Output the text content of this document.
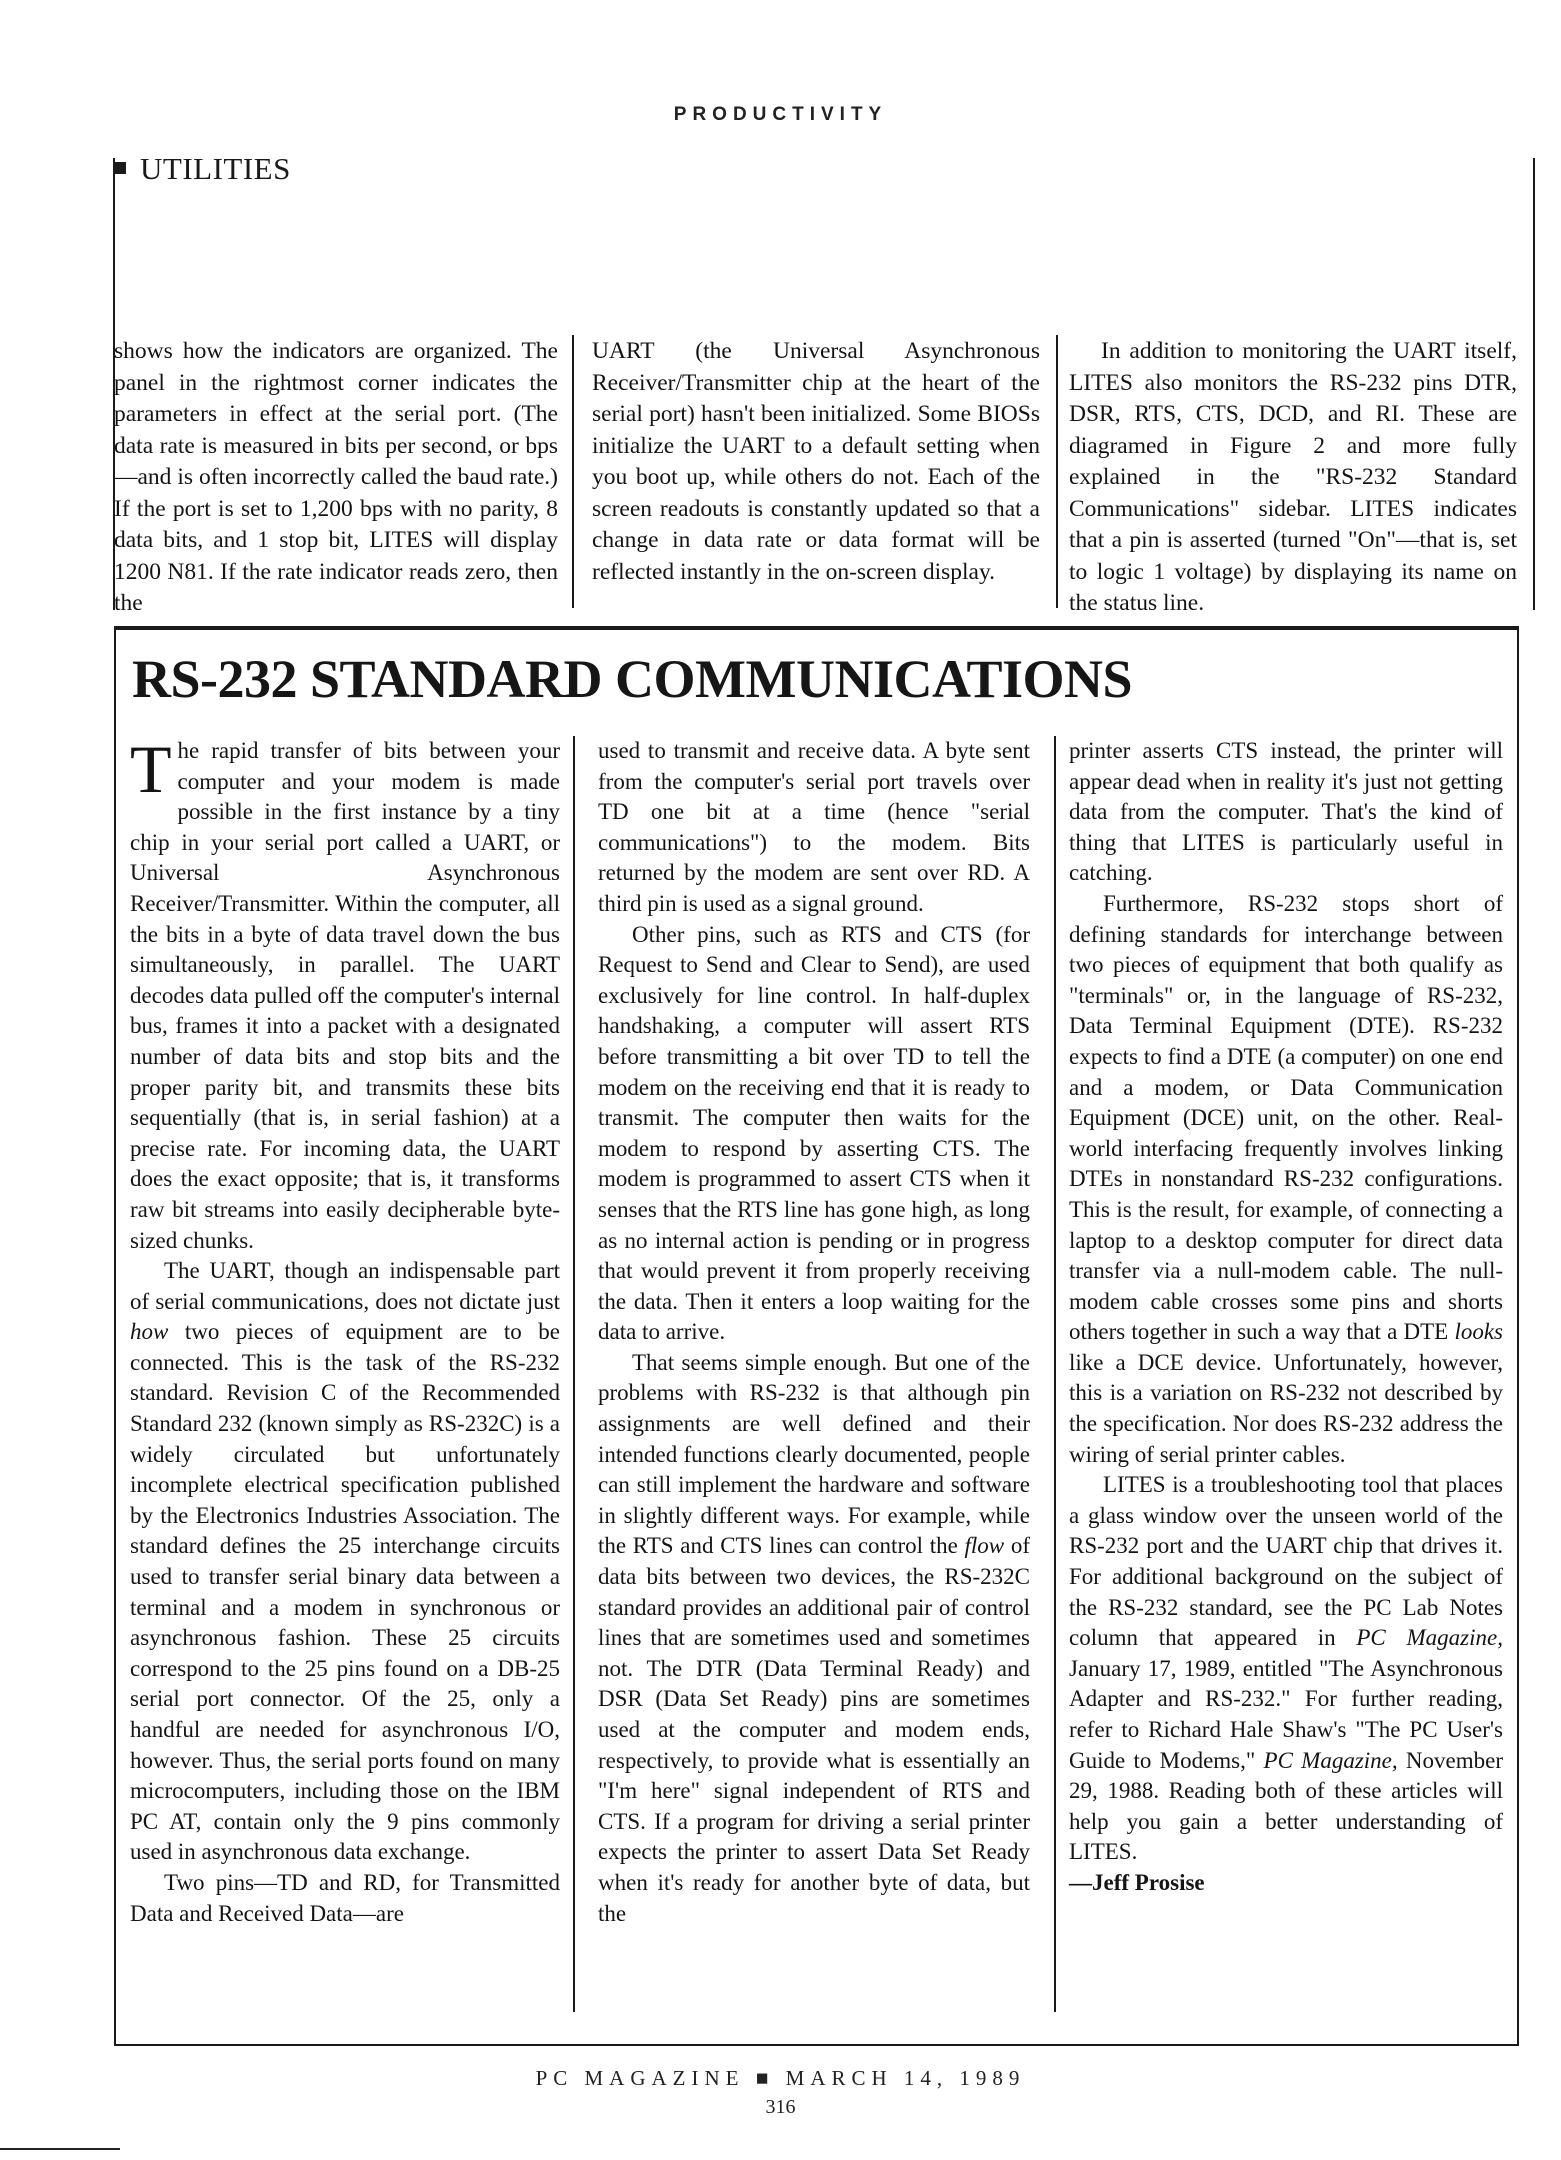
PRODUCTIVITY
UTILITIES

shows how the indicators are organized. The panel in the rightmost corner indicates the parameters in effect at the serial port. (The data rate is measured in bits per second, or bps—and is often incorrectly called the baud rate.) If the port is set to 1,200 bps with no parity, 8 data bits, and 1 stop bit, LITES will display 1200 N81. If the rate indicator reads zero, then the

UART (the Universal Asynchronous Receiver/Transmitter chip at the heart of the serial port) hasn't been initialized. Some BIOSs initialize the UART to a default setting when you boot up, while others do not. Each of the screen readouts is constantly updated so that a change in data rate or data format will be reflected instantly in the on-screen display.

In addition to monitoring the UART itself, LITES also monitors the RS-232 pins DTR, DSR, RTS, CTS, DCD, and RI. These are diagramed in Figure 2 and more fully explained in the "RS-232 Standard Communications" sidebar. LITES indicates that a pin is asserted (turned "On"—that is, set to logic 1 voltage) by displaying its name on the status line.

RS-232 STANDARD COMMUNICATIONS

The rapid transfer of bits between your computer and your modem is made possible in the first instance by a tiny chip in your serial port called a UART, or Universal Asynchronous Receiver/Transmitter. Within the computer, all the bits in a byte of data travel down the bus simultaneously, in parallel. The UART decodes data pulled off the computer's internal bus, frames it into a packet with a designated number of data bits and stop bits and the proper parity bit, and transmits these bits sequentially (that is, in serial fashion) at a precise rate. For incoming data, the UART does the exact opposite; that is, it transforms raw bit streams into easily decipherable byte-sized chunks.

The UART, though an indispensable part of serial communications, does not dictate just how two pieces of equipment are to be connected. This is the task of the RS-232 standard. Revision C of the Recommended Standard 232 (known simply as RS-232C) is a widely circulated but unfortunately incomplete electrical specification published by the Electronics Industries Association. The standard defines the 25 interchange circuits used to transfer serial binary data between a terminal and a modem in synchronous or asynchronous fashion. These 25 circuits correspond to the 25 pins found on a DB-25 serial port connector. Of the 25, only a handful are needed for asynchronous I/O, however. Thus, the serial ports found on many microcomputers, including those on the IBM PC AT, contain only the 9 pins commonly used in asynchronous data exchange.

Two pins—TD and RD, for Transmitted Data and Received Data—are

used to transmit and receive data. A byte sent from the computer's serial port travels over TD one bit at a time (hence "serial communications") to the modem. Bits returned by the modem are sent over RD. A third pin is used as a signal ground.

Other pins, such as RTS and CTS (for Request to Send and Clear to Send), are used exclusively for line control. In half-duplex handshaking, a computer will assert RTS before transmitting a bit over TD to tell the modem on the receiving end that it is ready to transmit. The computer then waits for the modem to respond by asserting CTS. The modem is programmed to assert CTS when it senses that the RTS line has gone high, as long as no internal action is pending or in progress that would prevent it from properly receiving the data. Then it enters a loop waiting for the data to arrive.

That seems simple enough. But one of the problems with RS-232 is that although pin assignments are well defined and their intended functions clearly documented, people can still implement the hardware and software in slightly different ways. For example, while the RTS and CTS lines can control the flow of data bits between two devices, the RS-232C standard provides an additional pair of control lines that are sometimes used and sometimes not. The DTR (Data Terminal Ready) and DSR (Data Set Ready) pins are sometimes used at the computer and modem ends, respectively, to provide what is essentially an "I'm here" signal independent of RTS and CTS. If a program for driving a serial printer expects the printer to assert Data Set Ready when it's ready for another byte of data, but the

printer asserts CTS instead, the printer will appear dead when in reality it's just not getting data from the computer. That's the kind of thing that LITES is particularly useful in catching.

Furthermore, RS-232 stops short of defining standards for interchange between two pieces of equipment that both qualify as "terminals" or, in the language of RS-232, Data Terminal Equipment (DTE). RS-232 expects to find a DTE (a computer) on one end and a modem, or Data Communication Equipment (DCE) unit, on the other. Real-world interfacing frequently involves linking DTEs in nonstandard RS-232 configurations. This is the result, for example, of connecting a laptop to a desktop computer for direct data transfer via a null-modem cable. The null-modem cable crosses some pins and shorts others together in such a way that a DTE looks like a DCE device. Unfortunately, however, this is a variation on RS-232 not described by the specification. Nor does RS-232 address the wiring of serial printer cables.

LITES is a troubleshooting tool that places a glass window over the unseen world of the RS-232 port and the UART chip that drives it. For additional background on the subject of the RS-232 standard, see the PC Lab Notes column that appeared in PC Magazine, January 17, 1989, entitled "The Asynchronous Adapter and RS-232." For further reading, refer to Richard Hale Shaw's "The PC User's Guide to Modems," PC Magazine, November 29, 1988. Reading both of these articles will help you gain a better understanding of LITES.

—Jeff Prosise

PC MAGAZINE ■ MARCH 14, 1989
316
